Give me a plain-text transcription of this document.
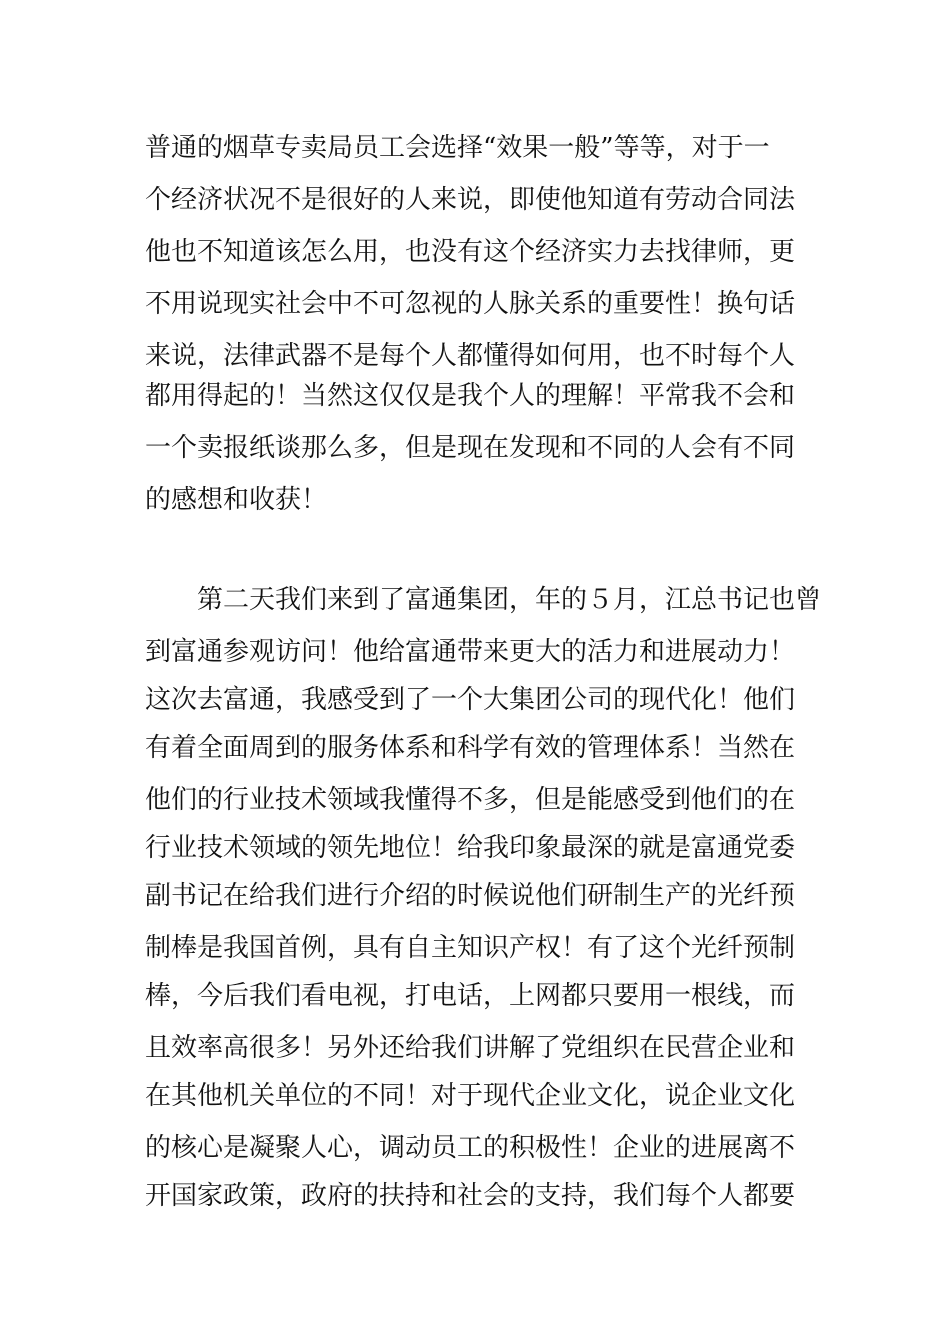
普通的烟草专卖局员工会选择“效果一般”等等，对于一
个经济状况不是很好的人来说，即使他知道有劳动合同法
他也不知道该怎么用，也没有这个经济实力去找律师，更
不用说现实社会中不可忽视的人脉关系的重要性！换句话
来说，法律武器不是每个人都懂得如何用，也不时每个人
都用得起的！当然这仅仅是我个人的理解！平常我不会和
一个卖报纸谈那么多，但是现在发现和不同的人会有不同
的感想和收获！
第二天我们来到了富通集团，年的５月，江总书记也曾
到富通参观访问！他给富通带来更大的活力和进展动力！
这次去富通，我感受到了一个大集团公司的现代化！他们
有着全面周到的服务体系和科学有效的管理体系！当然在
他们的行业技术领域我懂得不多，但是能感受到他们的在
行业技术领域的领先地位！给我印象最深的就是富通党委
副书记在给我们进行介绍的时候说他们研制生产的光纤预
制棒是我国首例，具有自主知识产权！有了这个光纤预制
棒，今后我们看电视，打电话，上网都只要用一根线，而
且效率高很多！另外还给我们讲解了党组织在民营企业和
在其他机关单位的不同！对于现代企业文化，说企业文化
的核心是凝聚人心，调动员工的积极性！企业的进展离不
开国家政策，政府的扶持和社会的支持，我们每个人都要
